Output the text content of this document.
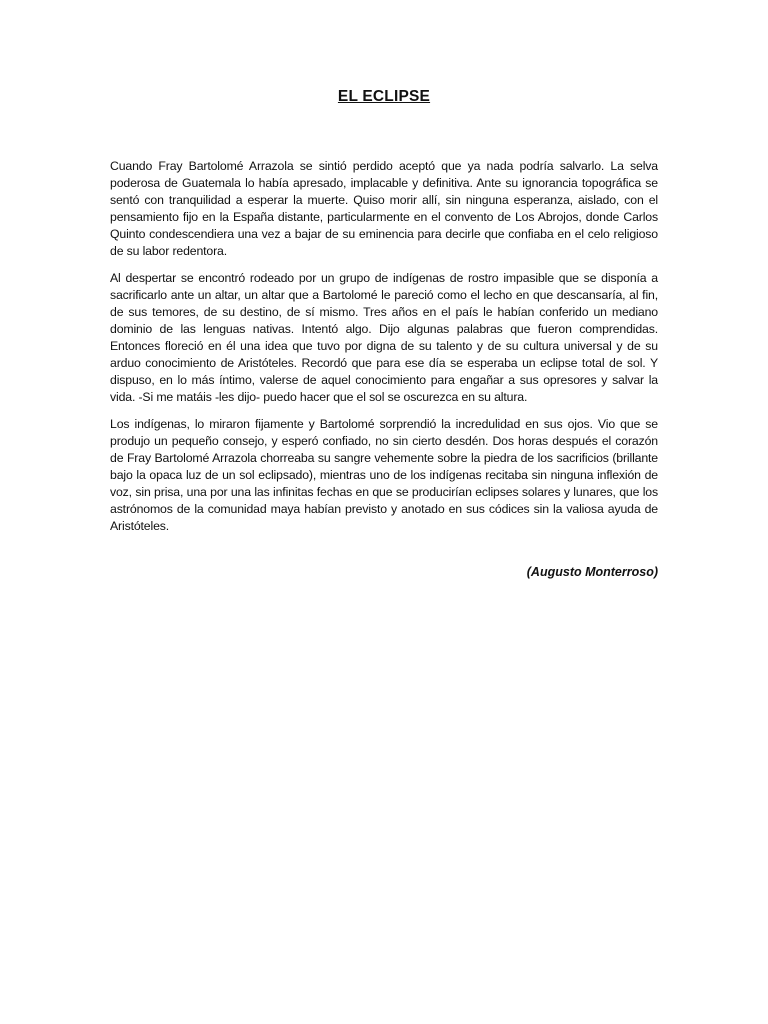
EL ECLIPSE

Cuando Fray Bartolomé Arrazola se sintió perdido aceptó que ya nada podría salvarlo. La selva poderosa de Guatemala lo había apresado, implacable y definitiva. Ante su ignorancia topográfica se sentó con tranquilidad a esperar la muerte. Quiso morir allí, sin ninguna esperanza, aislado, con el pensamiento fijo en la España distante, particularmente en el convento de Los Abrojos, donde Carlos Quinto condescendiera una vez a bajar de su eminencia para decirle que confiaba en el celo religioso de su labor redentora.

Al despertar se encontró rodeado por un grupo de indígenas de rostro impasible que se disponía a sacrificarlo ante un altar, un altar que a Bartolomé le pareció como el lecho en que descansaría, al fin, de sus temores, de su destino, de sí mismo. Tres años en el país le habían conferido un mediano dominio de las lenguas nativas. Intentó algo. Dijo algunas palabras que fueron comprendidas. Entonces floreció en él una idea que tuvo por digna de su talento y de su cultura universal y de su arduo conocimiento de Aristóteles. Recordó que para ese día se esperaba un eclipse total de sol. Y dispuso, en lo más íntimo, valerse de aquel conocimiento para engañar a sus opresores y salvar la vida. -Si me matáis -les dijo- puedo hacer que el sol se oscurezca en su altura.

Los indígenas, lo miraron fijamente y Bartolomé sorprendió la incredulidad en sus ojos. Vio que se produjo un pequeño consejo, y esperó confiado, no sin cierto desdén. Dos horas después el corazón de Fray Bartolomé Arrazola chorreaba su sangre vehemente sobre la piedra de los sacrificios (brillante bajo la opaca luz de un sol eclipsado), mientras uno de los indígenas recitaba sin ninguna inflexión de voz, sin prisa, una por una las infinitas fechas en que se producirían eclipses solares y lunares, que los astrónomos de la comunidad maya habían previsto y anotado en sus códices sin la valiosa ayuda de Aristóteles.

(Augusto Monterroso)
